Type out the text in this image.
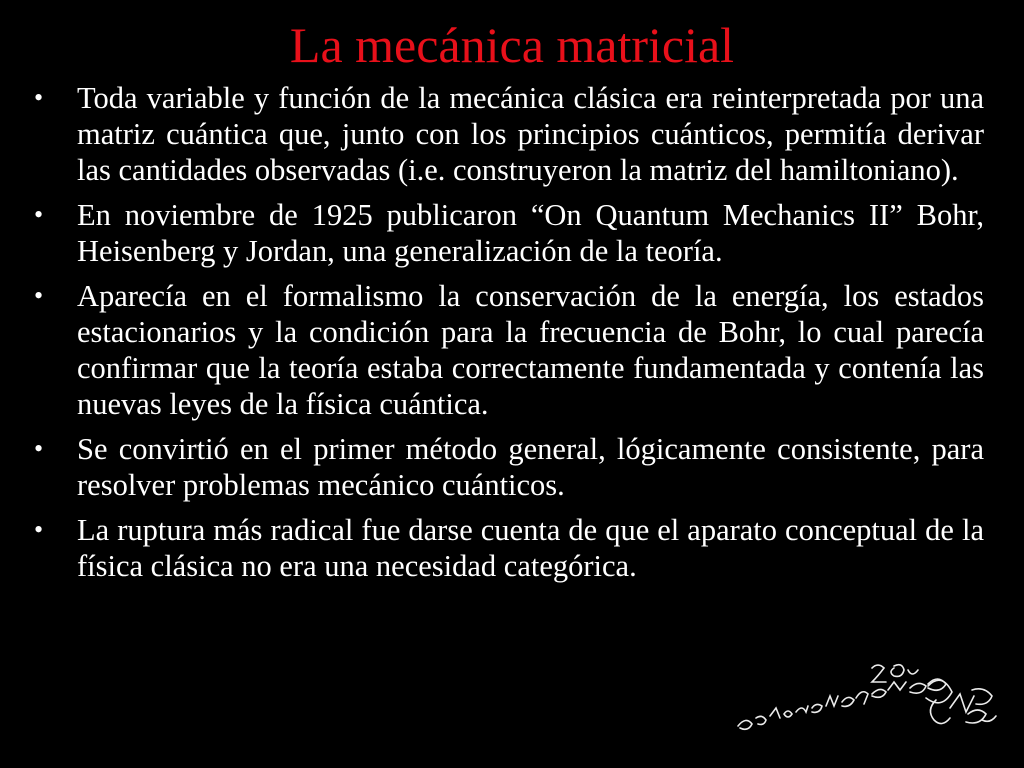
La mecánica matricial
•	Toda variable y función de la mecánica clásica era reinterpretada por una matriz cuántica que, junto con los principios cuánticos, permitía derivar las cantidades observadas (i.e. construyeron la matriz del hamiltoniano).
•	En noviembre de 1925 publicaron “On Quantum Mechanics II” Bohr, Heisenberg y Jordan, una generalización de la teoría.
•	Aparecía en el formalismo la conservación de la energía, los estados estacionarios y la condición para la frecuencia de Bohr, lo cual parecía confirmar que la teoría estaba correctamente fundamentada y contenía las nuevas leyes de la física cuántica.
•	Se convirtió en el primer método general, lógicamente consistente, para resolver problemas mecánico cuánticos.
•	La ruptura más radical fue darse cuenta de que el aparato conceptual de la física clásica no era una necesidad categórica.
